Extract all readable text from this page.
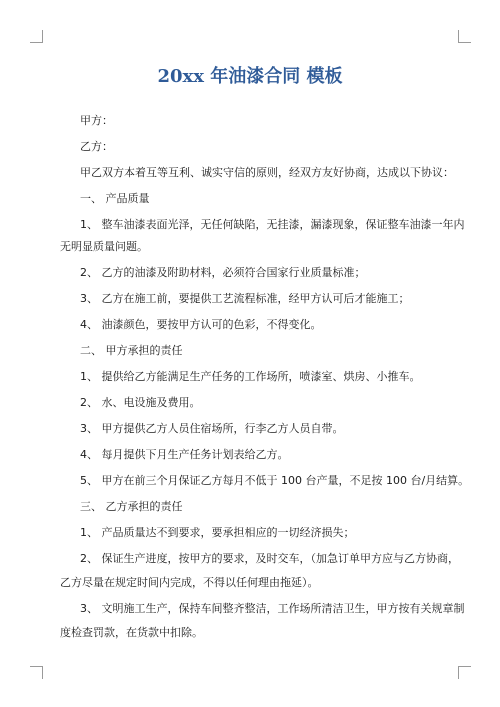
20xx 年油漆合同 模板
甲方：
乙方：
甲乙双方本着互等互利、诚实守信的原则，经双方友好协商，达成以下协议：
一、 产品质量
1、 整车油漆表面光泽，无任何缺陷，无挂漆，漏漆现象，保证整车油漆一年内
无明显质量问题。
2、 乙方的油漆及附助材料，必须符合国家行业质量标准；
3、 乙方在施工前，要提供工艺流程标准，经甲方认可后才能施工；
4、 油漆颜色，要按甲方认可的色彩，不得变化。
二、 甲方承担的责任
1、 提供给乙方能满足生产任务的工作场所，喷漆室、烘房、小推车。
2、 水、电设施及费用。
3、 甲方提供乙方人员住宿场所，行李乙方人员自带。
4、 每月提供下月生产任务计划表给乙方。
5、 甲方在前三个月保证乙方每月不低于 100 台产量，不足按 100 台/月结算。
三、 乙方承担的责任
1、 产品质量达不到要求，要承担相应的一切经济损失；
2、 保证生产进度，按甲方的要求，及时交车，（加急订单甲方应与乙方协商，
乙方尽量在规定时间内完成，不得以任何理由拖延）。
3、 文明施工生产，保持车间整齐整洁，工作场所清洁卫生，甲方按有关规章制
度检查罚款，在货款中扣除。
